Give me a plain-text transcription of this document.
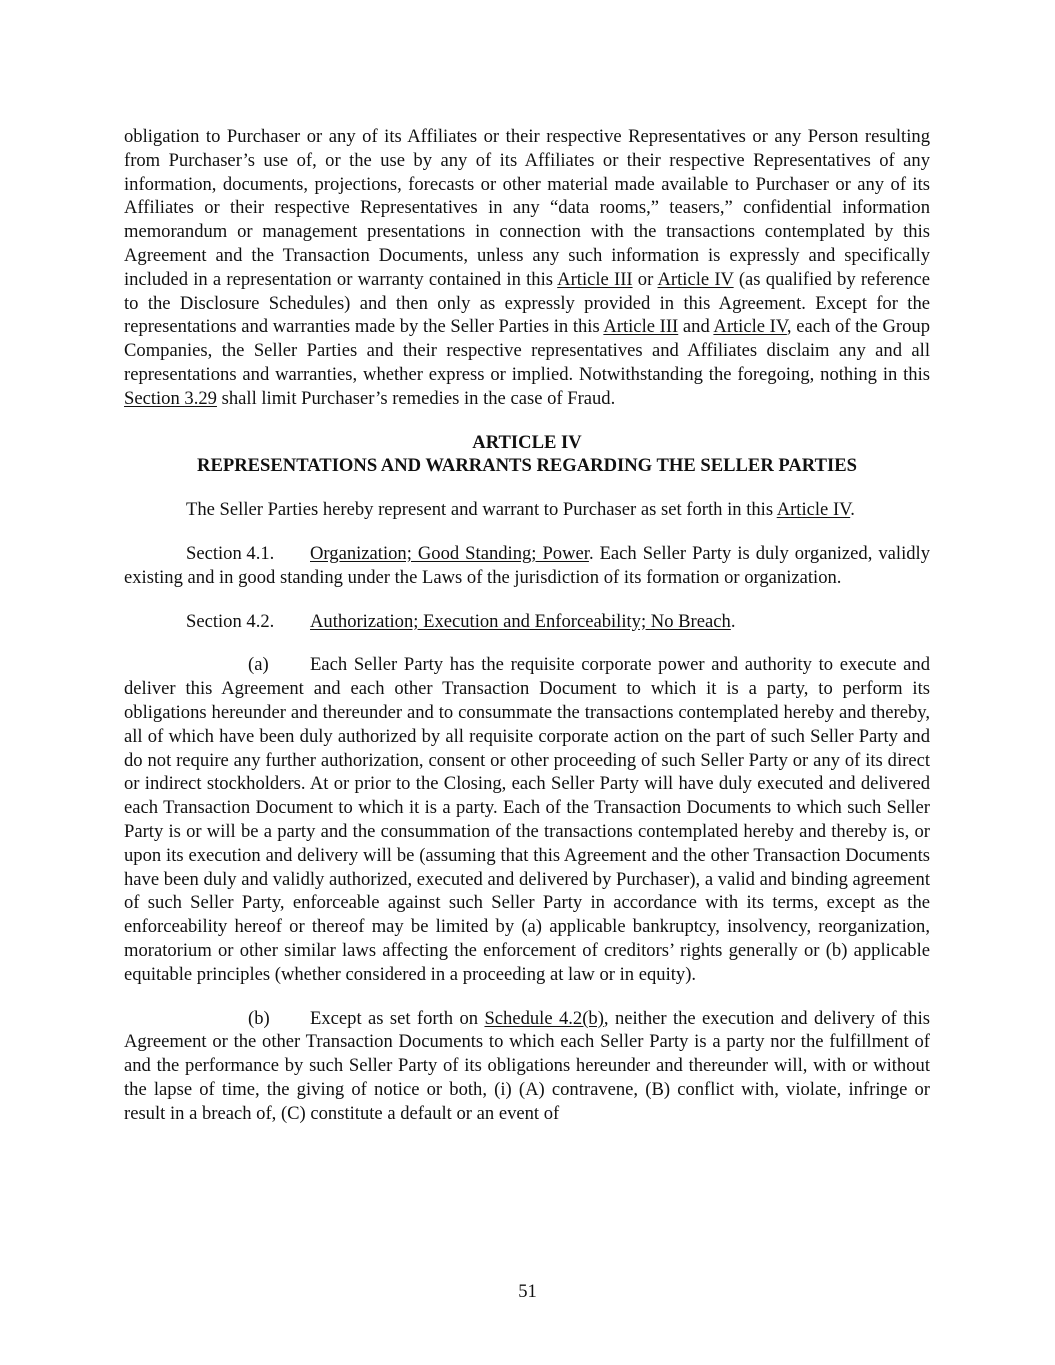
obligation to Purchaser or any of its Affiliates or their respective Representatives or any Person resulting from Purchaser’s use of, or the use by any of its Affiliates or their respective Representatives of any information, documents, projections, forecasts or other material made available to Purchaser or any of its Affiliates or their respective Representatives in any “data rooms,” teasers,” confidential information memorandum or management presentations in connection with the transactions contemplated by this Agreement and the Transaction Documents, unless any such information is expressly and specifically included in a representation or warranty contained in this Article III or Article IV (as qualified by reference to the Disclosure Schedules) and then only as expressly provided in this Agreement. Except for the representations and warranties made by the Seller Parties in this Article III and Article IV, each of the Group Companies, the Seller Parties and their respective representatives and Affiliates disclaim any and all representations and warranties, whether express or implied. Notwithstanding the foregoing, nothing in this Section 3.29 shall limit Purchaser’s remedies in the case of Fraud.

ARTICLE IV
REPRESENTATIONS AND WARRANTS REGARDING THE SELLER PARTIES

The Seller Parties hereby represent and warrant to Purchaser as set forth in this Article IV.

Section 4.1. Organization; Good Standing; Power. Each Seller Party is duly organized, validly existing and in good standing under the Laws of the jurisdiction of its formation or organization.

Section 4.2. Authorization; Execution and Enforceability; No Breach.

(a) Each Seller Party has the requisite corporate power and authority to execute and deliver this Agreement and each other Transaction Document to which it is a party, to perform its obligations hereunder and thereunder and to consummate the transactions contemplated hereby and thereby, all of which have been duly authorized by all requisite corporate action on the part of such Seller Party and do not require any further authorization, consent or other proceeding of such Seller Party or any of its direct or indirect stockholders. At or prior to the Closing, each Seller Party will have duly executed and delivered each Transaction Document to which it is a party. Each of the Transaction Documents to which such Seller Party is or will be a party and the consummation of the transactions contemplated hereby and thereby is, or upon its execution and delivery will be (assuming that this Agreement and the other Transaction Documents have been duly and validly authorized, executed and delivered by Purchaser), a valid and binding agreement of such Seller Party, enforceable against such Seller Party in accordance with its terms, except as the enforceability hereof or thereof may be limited by (a) applicable bankruptcy, insolvency, reorganization, moratorium or other similar laws affecting the enforcement of creditors’ rights generally or (b) applicable equitable principles (whether considered in a proceeding at law or in equity).

(b) Except as set forth on Schedule 4.2(b), neither the execution and delivery of this Agreement or the other Transaction Documents to which each Seller Party is a party nor the fulfillment of and the performance by such Seller Party of its obligations hereunder and thereunder will, with or without the lapse of time, the giving of notice or both, (i) (A) contravene, (B) conflict with, violate, infringe or result in a breach of, (C) constitute a default or an event of

51
